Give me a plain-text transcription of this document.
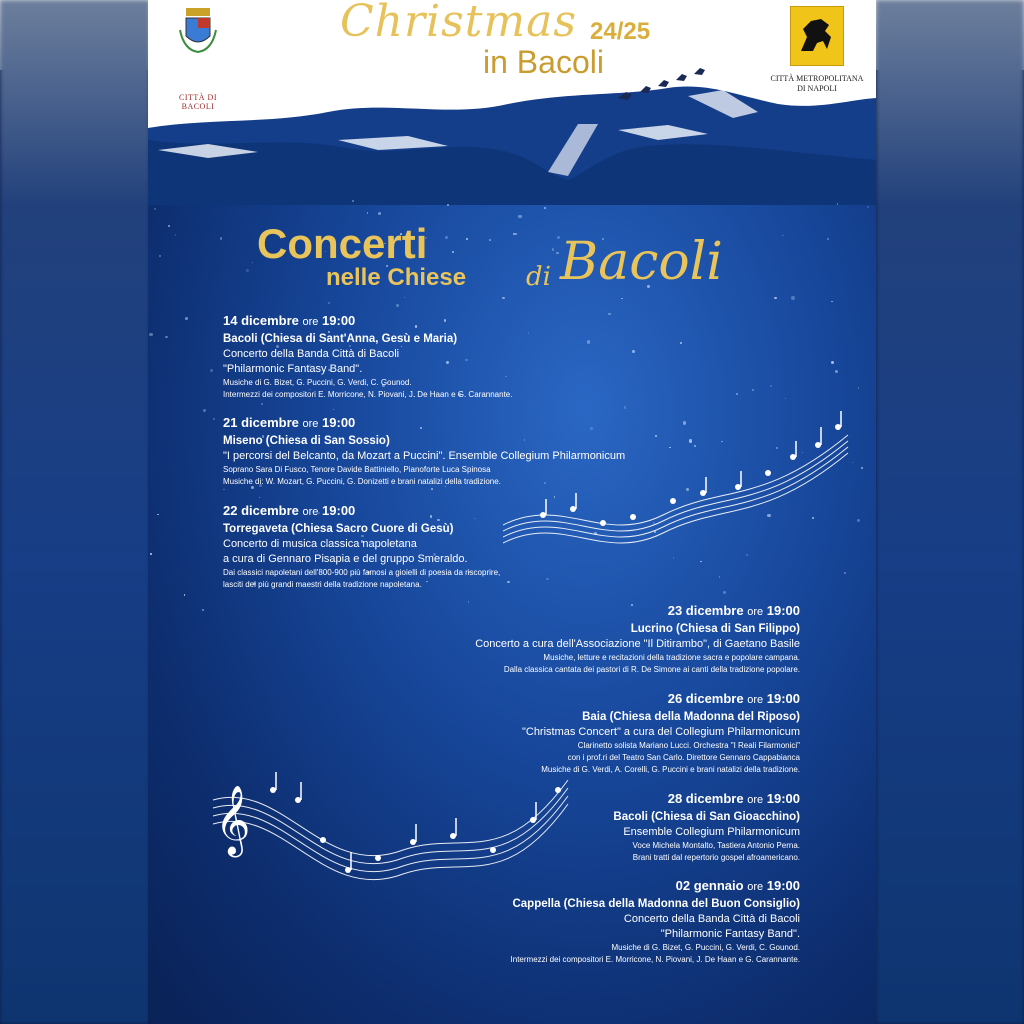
CITTÀ DI BACOLI
CITTÀ METROPOLITANA
DI NAPOLI
Christmas 24/25
in Bacoli
Concerti
nelle Chiese di Bacoli
𝄞
14 dicembre ore 19:00
Bacoli (Chiesa di Sant'Anna, Gesù e Maria)
Concerto della Banda Città di Bacoli
"Philarmonic Fantasy Band".
Musiche di G. Bizet, G. Puccini, G. Verdi, C. Gounod.
Intermezzi dei compositori E. Morricone, N. Piovani, J. De Haan e G. Carannante.
21 dicembre ore 19:00
Miseno (Chiesa di San Sossio)
"I percorsi del Belcanto, da Mozart a Puccini". Ensemble Collegium Philarmonicum
Soprano Sara Di Fusco, Tenore Davide Battiniello, Pianoforte Luca Spinosa
Musiche di: W. Mozart, G. Puccini, G. Donizetti e brani natalizi della tradizione.
22 dicembre ore 19:00
Torregaveta (Chiesa Sacro Cuore di Gesù)
Concerto di musica classica napoletana
a cura di Gennaro Pisapia e del gruppo Smeraldo.
Dai classici napoletani dell'800-900 più famosi a gioielli di poesia da riscoprire,
lasciti dei più grandi maestri della tradizione napoletana.
23 dicembre ore 19:00
Lucrino (Chiesa di San Filippo)
Concerto a cura dell'Associazione "Il Ditirambo", di Gaetano Basile
Musiche, letture e recitazioni della tradizione sacra e popolare campana.
Dalla classica cantata dei pastori di R. De Simone ai canti della tradizione popolare.
26 dicembre ore 19:00
Baia (Chiesa della Madonna del Riposo)
"Christmas Concert" a cura del Collegium Philarmonicum
Clarinetto solista Mariano Lucci. Orchestra "I Reali Filarmonici"
con i prof.ri del Teatro San Carlo. Direttore Gennaro Cappabianca
Musiche di G. Verdi, A. Corelli, G. Puccini e brani natalizi della tradizione.
28 dicembre ore 19:00
Bacoli (Chiesa di San Gioacchino)
Ensemble Collegium Philarmonicum
Voce Michela Montalto, Tastiera Antonio Perna.
Brani tratti dal repertorio gospel afroamericano.
02 gennaio ore 19:00
Cappella (Chiesa della Madonna del Buon Consiglio)
Concerto della Banda Città di Bacoli
"Philarmonic Fantasy Band".
Musiche di G. Bizet, G. Puccini, G. Verdi, C. Gounod.
Intermezzi dei compositori E. Morricone, N. Piovani, J. De Haan e G. Carannante.
